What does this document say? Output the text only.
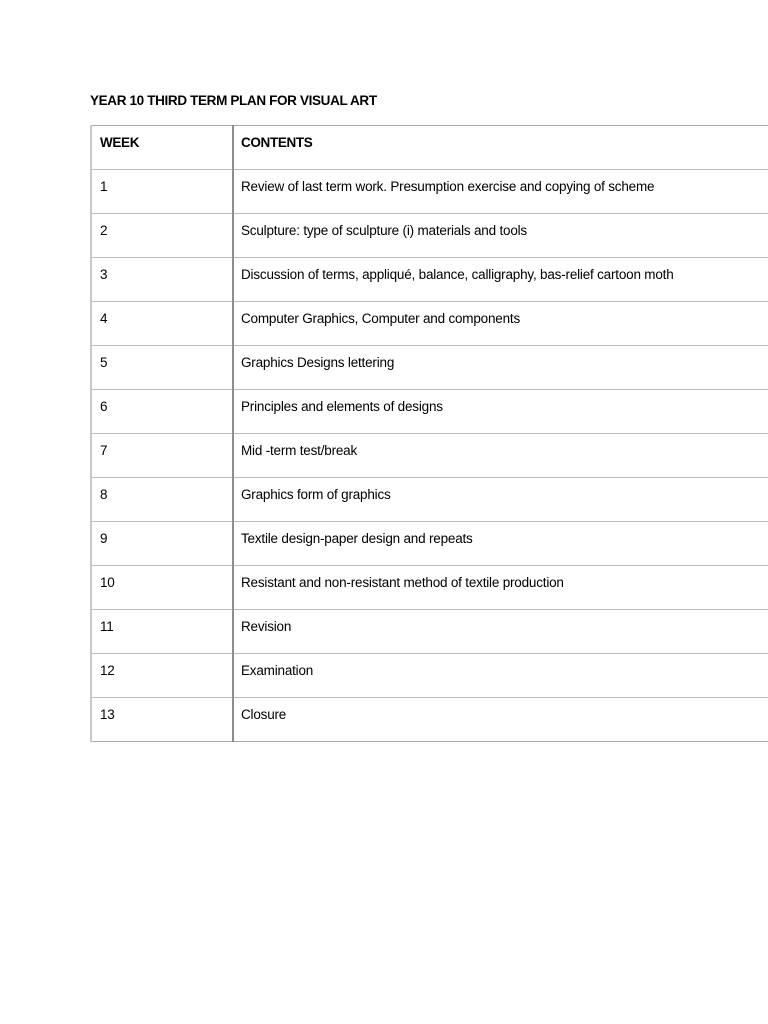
YEAR 10 THIRD TERM PLAN FOR VISUAL ART
WEEK	CONTENTS
1	Review of last term work. Presumption exercise and copying of scheme
2	Sculpture: type of sculpture (i) materials and tools
3	Discussion of terms, appliqué, balance, calligraphy, bas-relief cartoon moth
4	Computer Graphics, Computer and components
5	Graphics Designs lettering
6	Principles and elements of designs
7	Mid -term test/break
8	Graphics form of graphics
9	Textile design-paper design and repeats
10	Resistant and non-resistant method of textile production
11	Revision
12	Examination
13	Closure
